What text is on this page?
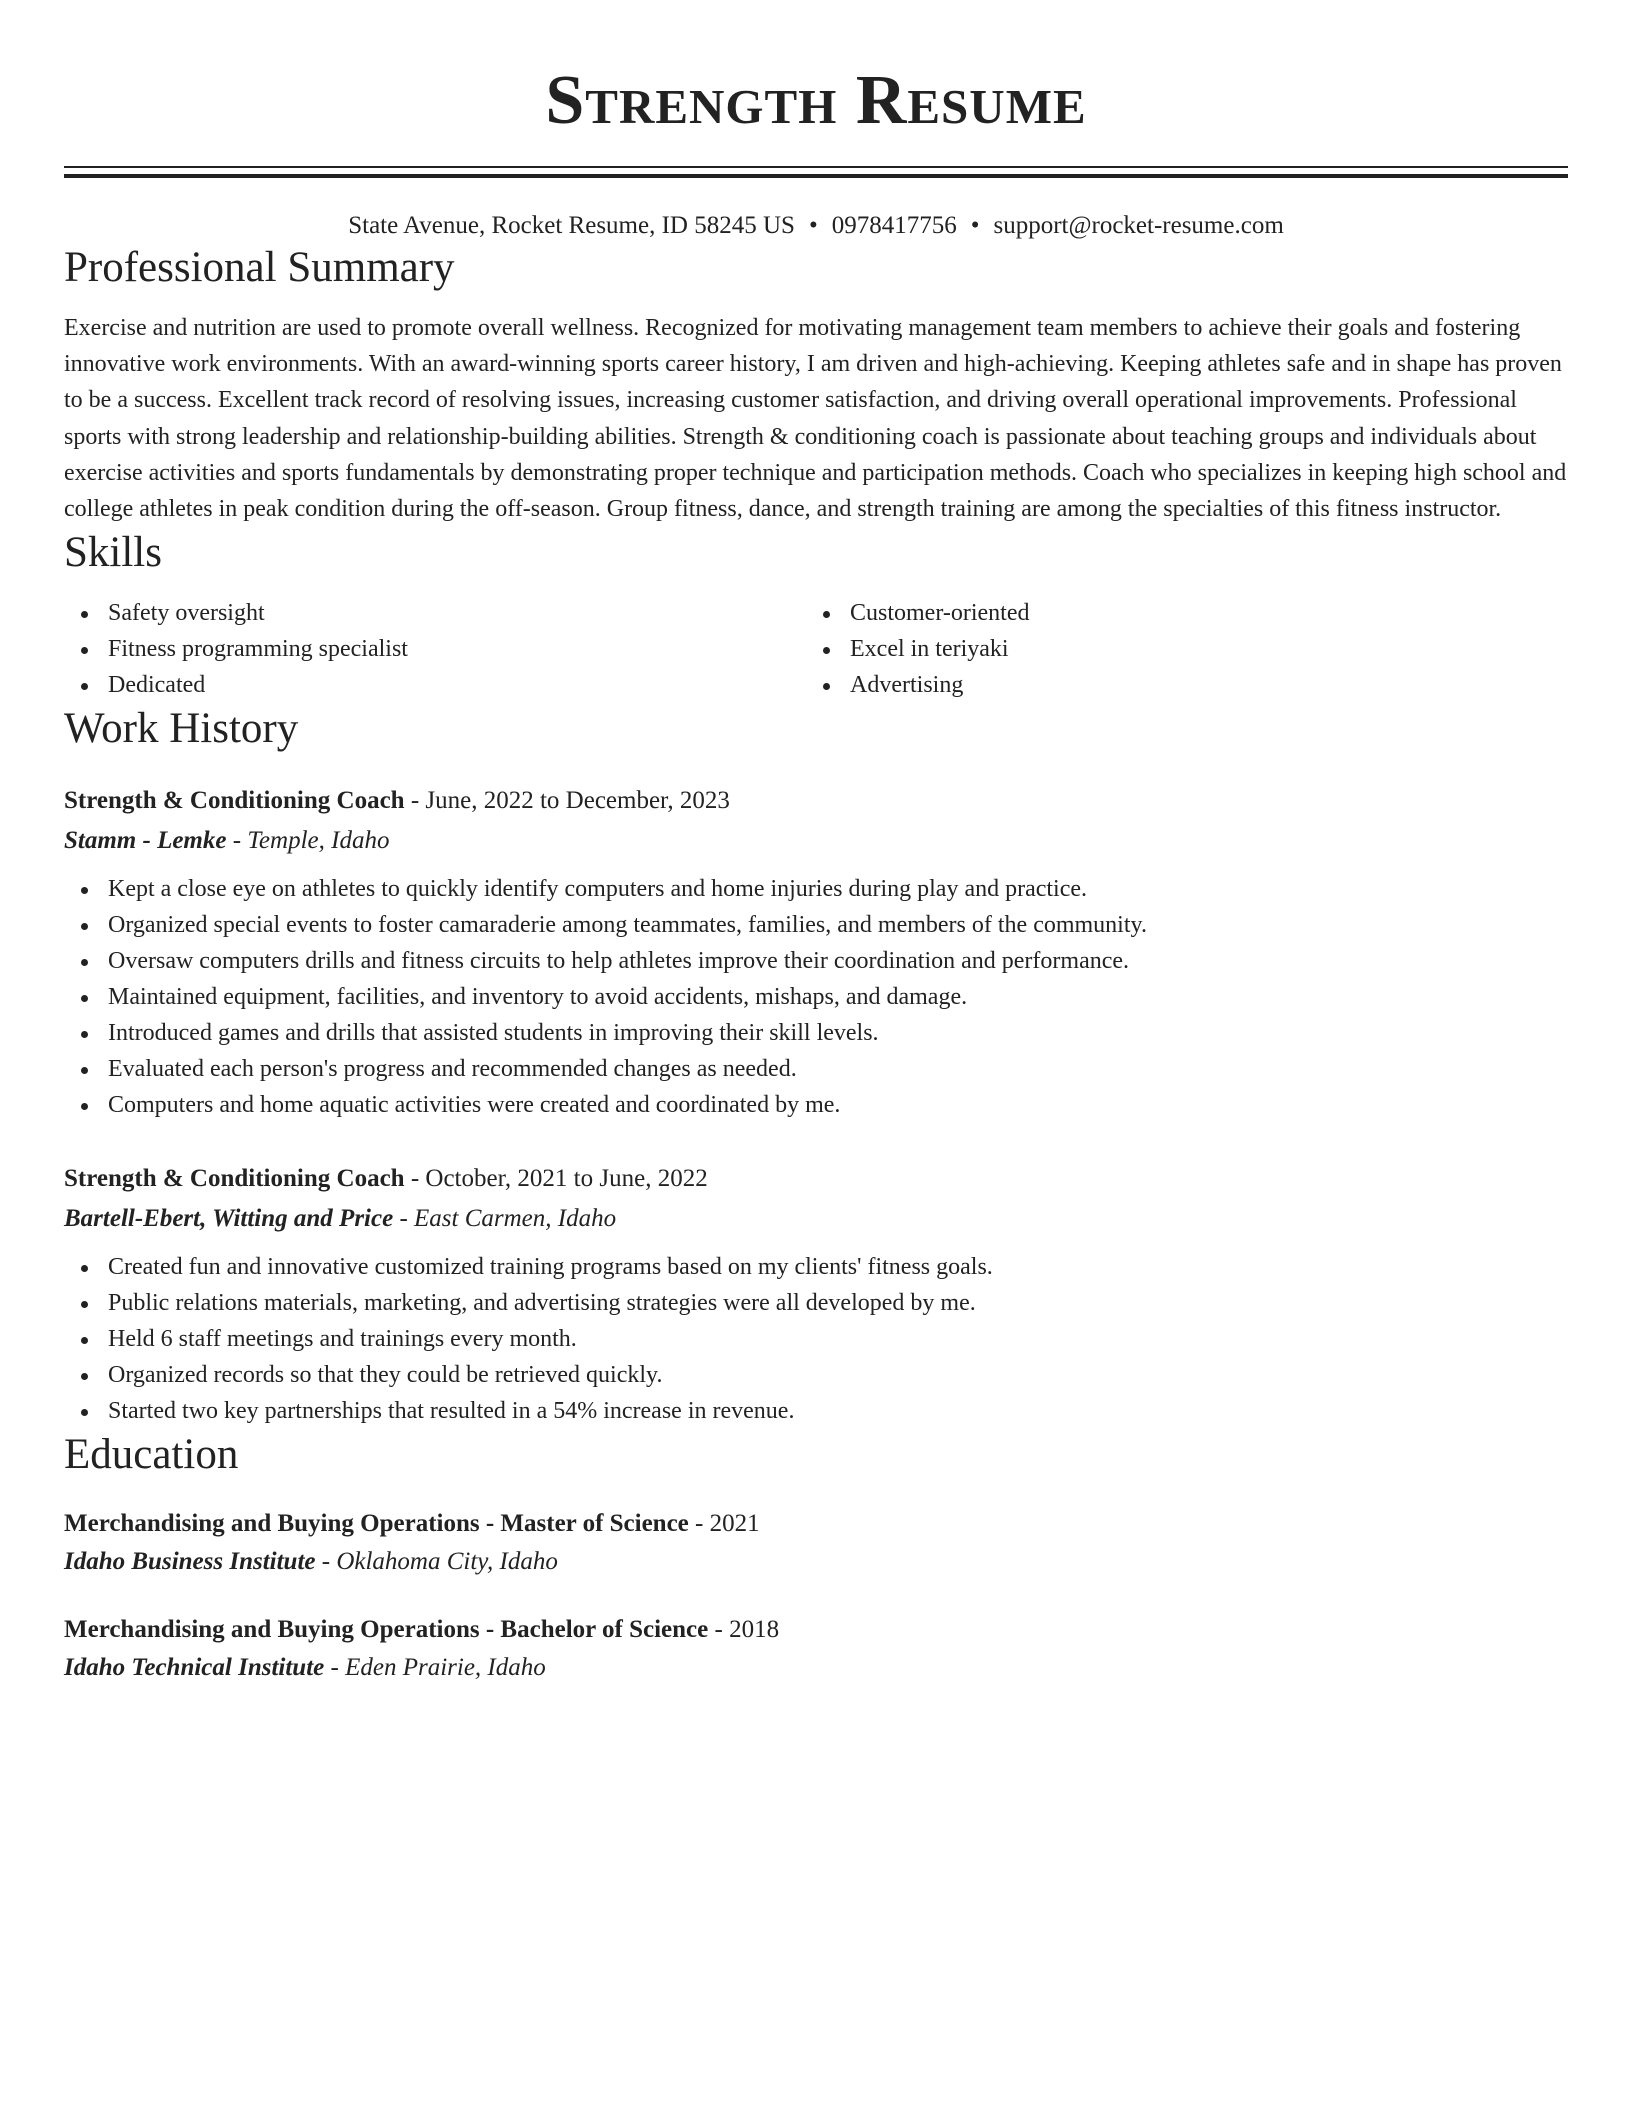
Strength Resume
State Avenue, Rocket Resume, ID 58245 US • 0978417756 • support@rocket-resume.com
Professional Summary

Exercise and nutrition are used to promote overall wellness. Recognized for motivating management team members to achieve their goals and fostering innovative work environments. With an award-winning sports career history, I am driven and high-achieving. Keeping athletes safe and in shape has proven to be a success. Excellent track record of resolving issues, increasing customer satisfaction, and driving overall operational improvements. Professional sports with strong leadership and relationship-building abilities. Strength & conditioning coach is passionate about teaching groups and individuals about exercise activities and sports fundamentals by demonstrating proper technique and participation methods. Coach who specializes in keeping high school and college athletes in peak condition during the off-season. Group fitness, dance, and strength training are among the specialties of this fitness instructor.

Skills
Safety oversight
Fitness programming specialist
Dedicated
Customer-oriented
Excel in teriyaki
Advertising
Work History
Strength & Conditioning Coach - June, 2022 to December, 2023
Stamm - Lemke - Temple, Idaho
Kept a close eye on athletes to quickly identify computers and home injuries during play and practice.
Organized special events to foster camaraderie among teammates, families, and members of the community.
Oversaw computers drills and fitness circuits to help athletes improve their coordination and performance.
Maintained equipment, facilities, and inventory to avoid accidents, mishaps, and damage.
Introduced games and drills that assisted students in improving their skill levels.
Evaluated each person's progress and recommended changes as needed.
Computers and home aquatic activities were created and coordinated by me.
Strength & Conditioning Coach - October, 2021 to June, 2022
Bartell-Ebert, Witting and Price - East Carmen, Idaho
Created fun and innovative customized training programs based on my clients' fitness goals.
Public relations materials, marketing, and advertising strategies were all developed by me.
Held 6 staff meetings and trainings every month.
Organized records so that they could be retrieved quickly.
Started two key partnerships that resulted in a 54% increase in revenue.
Education
Merchandising and Buying Operations - Master of Science - 2021
Idaho Business Institute - Oklahoma City, Idaho
Merchandising and Buying Operations - Bachelor of Science - 2018
Idaho Technical Institute - Eden Prairie, Idaho
